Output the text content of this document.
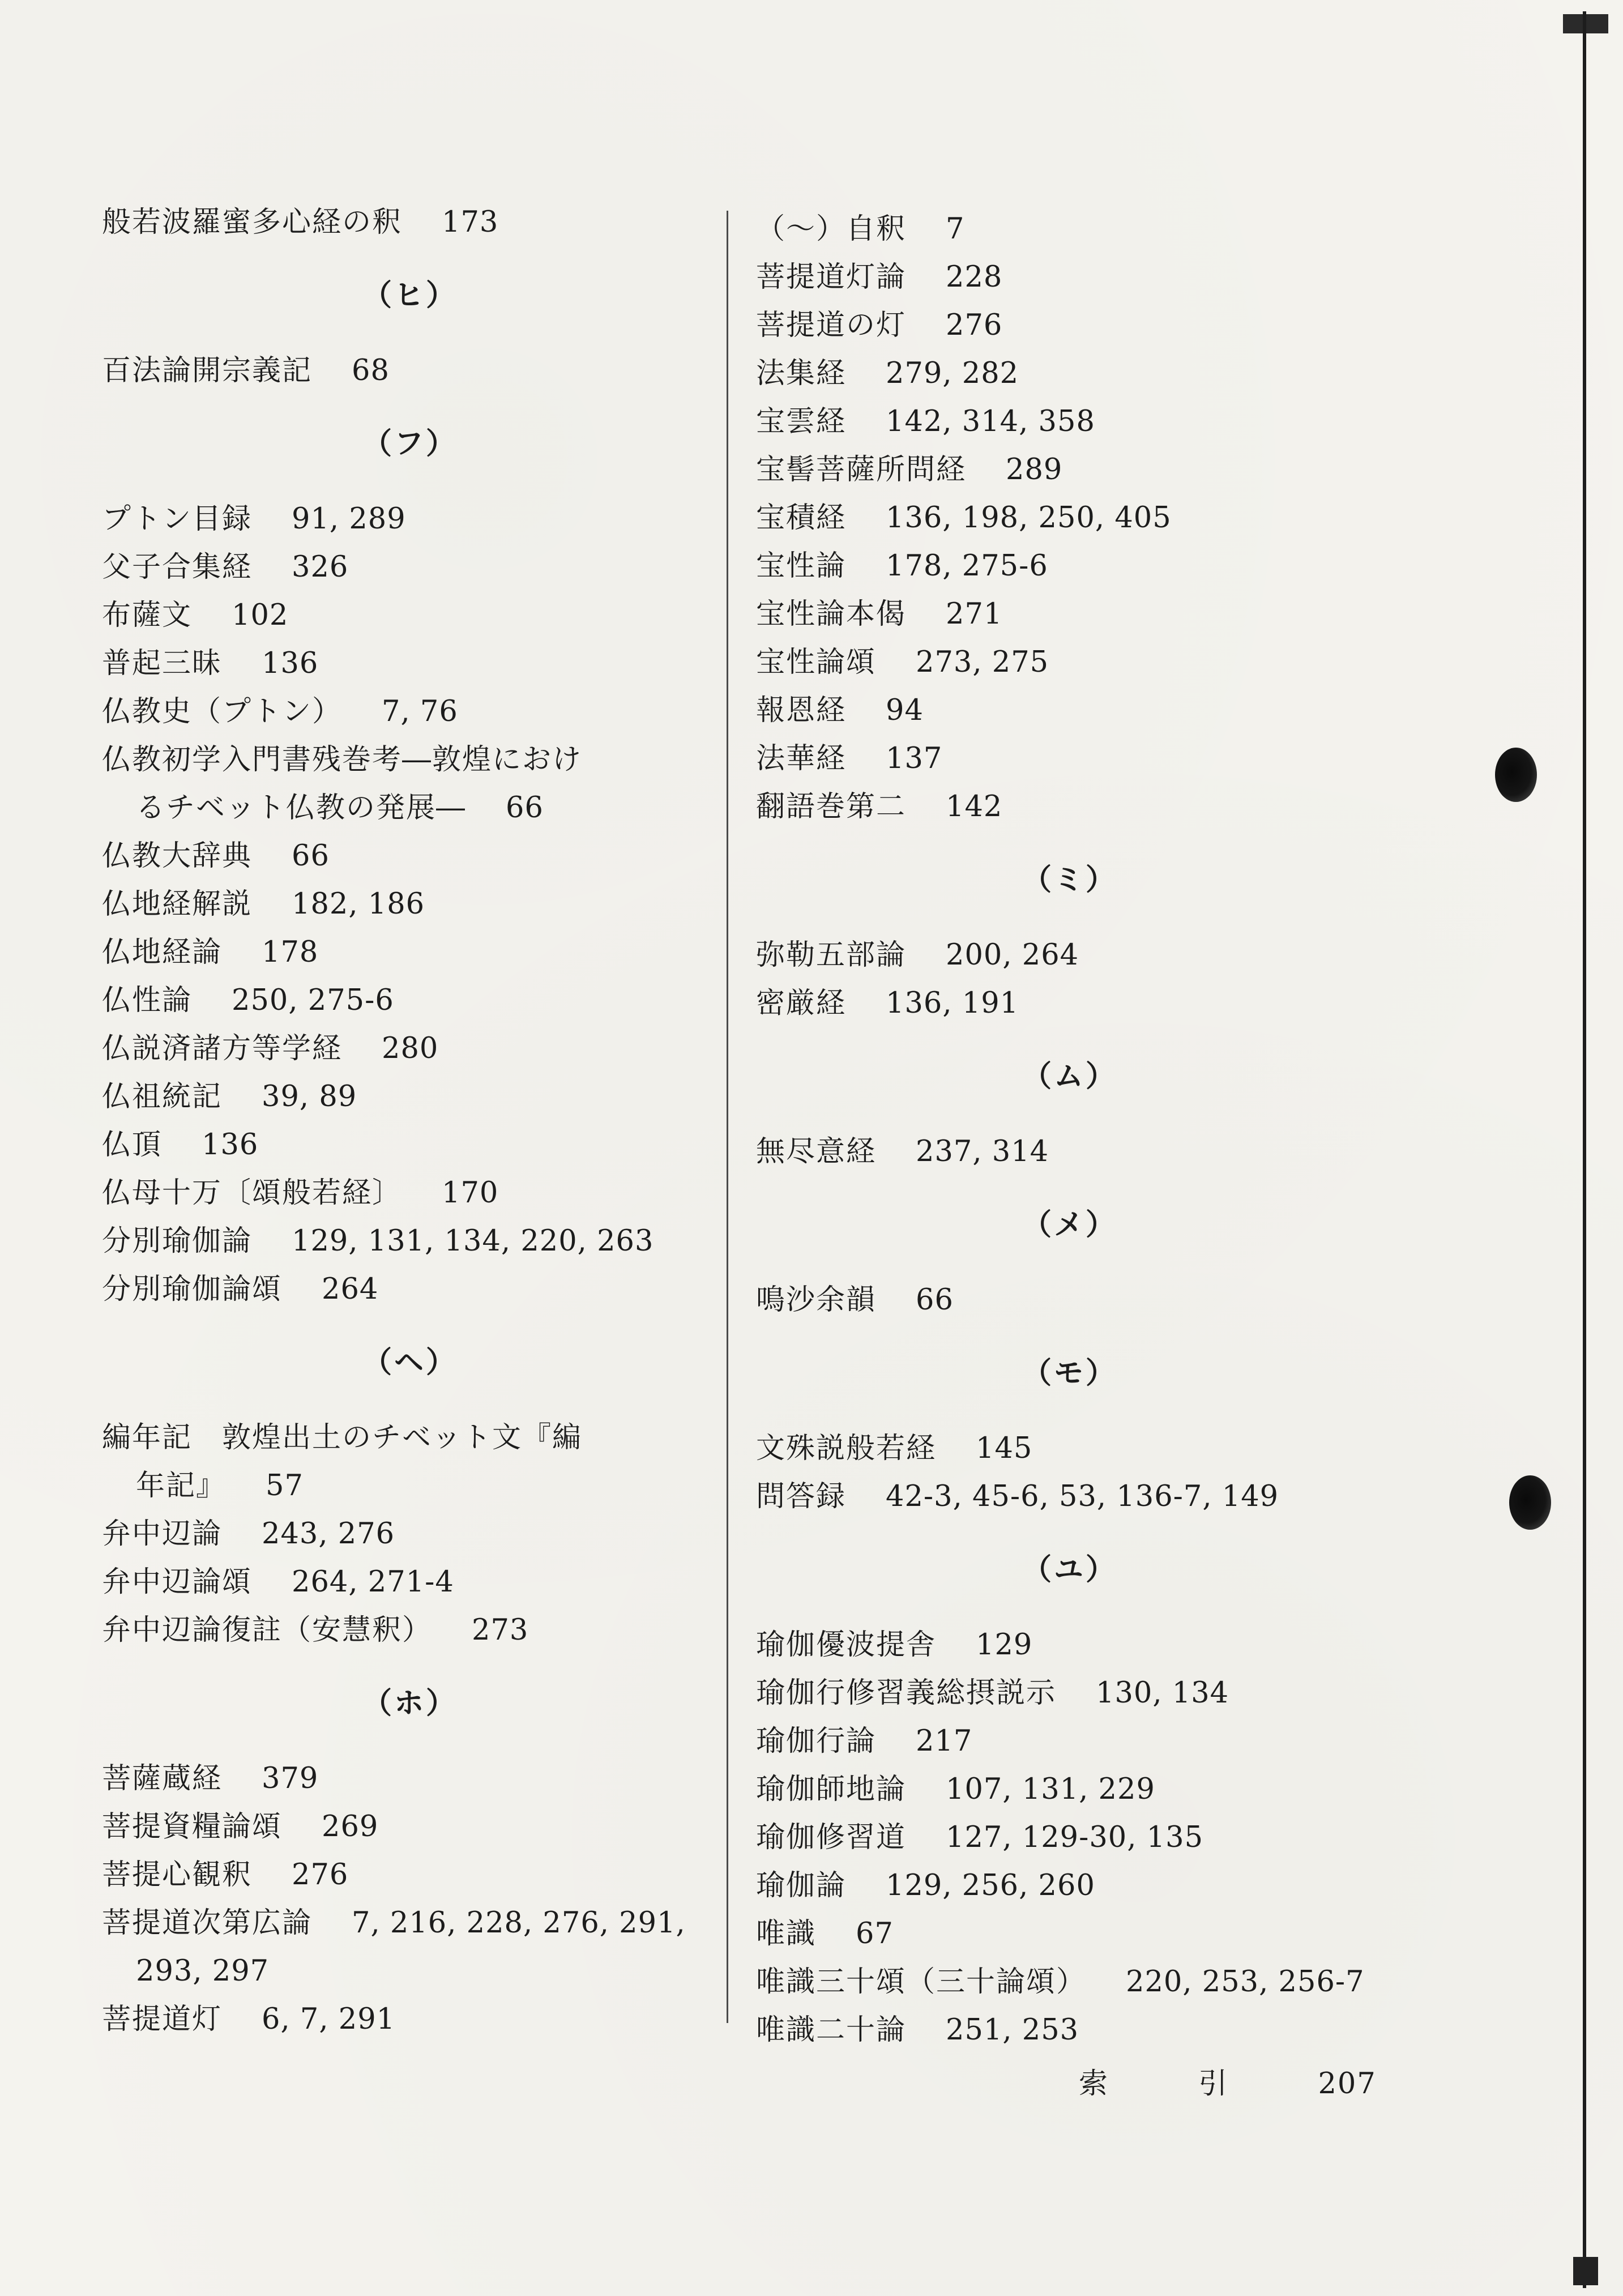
般若波羅蜜多心経の釈 173
（ヒ）
百法論開宗義記 68
（フ）
プトン目録 91, 289
父子合集経 326
布薩文 102
普起三昧 136
仏教史（プトン） 7, 76
仏教初学入門書残巻考―敦煌におけ
るチベット仏教の発展― 66
仏教大辞典 66
仏地経解説 182, 186
仏地経論 178
仏性論 250, 275-6
仏説済諸方等学経 280
仏祖統記 39, 89
仏頂 136
仏母十万〔頌般若経〕 170
分別瑜伽論 129, 131, 134, 220, 263
分別瑜伽論頌 264
（ヘ）
編年記　敦煌出土のチベット文『編
年記』 57
弁中辺論 243, 276
弁中辺論頌 264, 271-4
弁中辺論復註（安慧釈） 273
（ホ）
菩薩蔵経 379
菩提資糧論頌 269
菩提心観釈 276
菩提道次第広論 7, 216, 228, 276, 291,
293, 297
菩提道灯 6, 7, 291
（～）自釈 7
菩提道灯論 228
菩提道の灯 276
法集経 279, 282
宝雲経 142, 314, 358
宝髻菩薩所問経 289
宝積経 136, 198, 250, 405
宝性論 178, 275-6
宝性論本偈 271
宝性論頌 273, 275
報恩経 94
法華経 137
翻語巻第二 142
（ミ）
弥勒五部論 200, 264
密厳経 136, 191
（ム）
無尽意経 237, 314
（メ）
鳴沙余韻 66
（モ）
文殊説般若経 145
問答録 42-3, 45-6, 53, 136-7, 149
（ユ）
瑜伽優波提舎 129
瑜伽行修習義総摂説示 130, 134
瑜伽行論 217
瑜伽師地論 107, 131, 229
瑜伽修習道 127, 129-30, 135
瑜伽論 129, 256, 260
唯識 67
唯識三十頌（三十論頌） 220, 253, 256-7
唯識二十論 251, 253
索	引	207
